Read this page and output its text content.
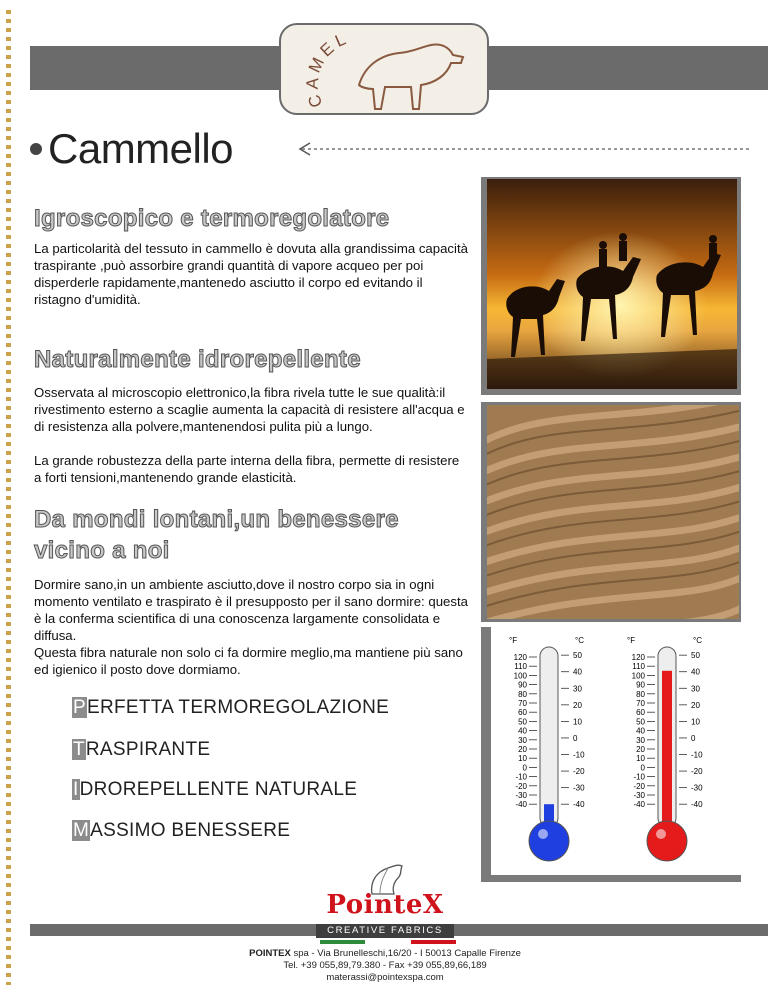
CAMEL
Cammello
Igroscopico e termoregolatore

La particolarità del tessuto in cammello è dovuta alla grandissima capacità traspirante ,può assorbire grandi quantità di vapore acqueo per poi disperderle rapidamente,mantenedo asciutto il corpo ed evitando il ristagno d'umidità.

Naturalmente idrorepellente

Osservata al microscopio elettronico,la fibra rivela tutte le sue qualità:il rivestimento esterno a scaglie aumenta la capacità di resistere all'acqua e di resistenza alla polvere,mantenendosi pulita più a lungo.

La grande robustezza della parte interna della fibra, permette di resistere a forti tensioni,mantenendo grande elasticità.

Da mondi lontani,un benessere
vicino a noi

Dormire sano,in un ambiente asciutto,dove il nostro corpo sia in ogni momento ventilato e traspirato è il presupposto per il sano dormire: questa è la conferma scientifica di una conoscenza largamente consolidata e diffusa.

Questa fibra naturale non solo ci fa dormire meglio,ma mantiene più sano ed igienico il posto dove dormiamo.

PERFETTA TERMOREGOLAZIONE
TRASPIRANTE
IDROREPELLENTE NATURALE
MASSIMO BENESSERE
°F	°C
120
110
100
90
80
70
60
50
40
30
20
10
0
-10
-20
-30
-40
50
40
30
20
10
0
-10
-20
-30
-40
°F	°C
120
110
100
90
80
70
60
50
40
30
20
10
0
-10
-20
-30
-40
50
40
30
20
10
0
-10
-20
-30
-40
PointeX
CREATIVE FABRICS
POINTEX spa - Via Brunelleschi,16/20 - I 50013 Capalle Firenze
Tel. +39 055,89,79.380 - Fax +39 055,89,66,189
materassi@pointexspa.com
